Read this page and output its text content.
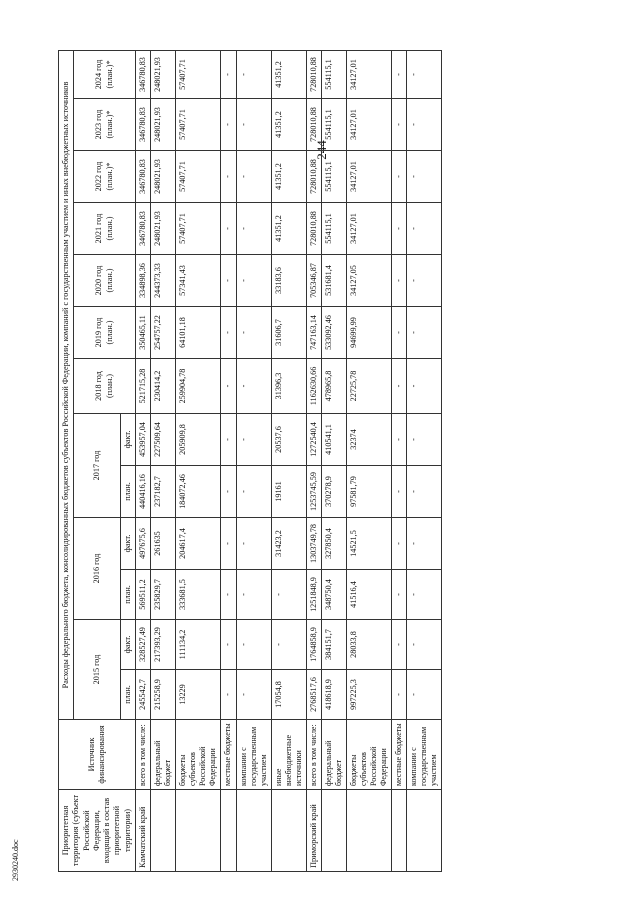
244
Приоритетная территория (субъект Российской Федерации, входящий в состав приоритетной территории)	Источник финансирования	Расходы федерального бюджета, консолидированных бюджетов субъектов Российской Федерации, компаний с государственным участием и иных внебюджетных источников												
		2015 год		2016 год		2017 год		2018 год (план.)	2019 год (план.)	2020 год (план.)	2021 год (план.)	2022 год (план.)*	2023 год (план.)*	2024 год (план.)*
		план.	факт.	план.	факт.	план.	факт.							
Камчатский край	всего в том числе:	245542,7	328527,49	569511,2	497675,6	440416,16	453957,04	521715,28	350465,11	334898,36	346780,83	346780,83	346780,83	346780,83
	федеральный бюджет	215258,9	217393,29	235829,7	261635	237182,7	227509,64	230414,2	254757,22	244373,33	248021,93	248021,93	248021,93	248021,93
	бюджеты субъектов Российской Федерации	13229	111134,2	333681,5	204617,4	184072,46	205909,8	259904,78	64101,18	57341,43	57407,71	57407,71	57407,71	57407,71
	местные бюджеты	-	-	-	-	-	-	-	-	-	-	-	-	-
	компании с государственным участием	-	-	-	-	-	-	-	-	-	-	-	-	-
	иные внебюджетные источники	17054,8	-	-	31423,2	19161	20537,6	31396,3	31606,7	33183,6	41351,2	41351,2	41351,2	41351,2
Приморский край	всего в том числе:	2768517,6	1764858,9	1251848,9	1303749,78	1253745,59	1272540,4	1162630,66	747163,14	705346,87	728010,88	728010,88	728010,88	728010,88
	федеральный бюджет	418618,9	384151,7	348750,4	327850,4	370278,9	410541,1	478965,8	533092,46	531681,4	554115,1	554115,1	554115,1	554115,1
	бюджеты субъектов Российской Федерации	997225,3	28033,8	41516,4	14521,5	97581,79	32374	22725,78	94699,99	34127,05	34127,01	34127,01	34127,01	34127,01
	местные бюджеты	-	-	-	-	-	-	-	-	-	-	-	-	-
	компании с государственным участием	-	-	-	-	-	-	-	-	-	-	-	-	-
2930240.doc
